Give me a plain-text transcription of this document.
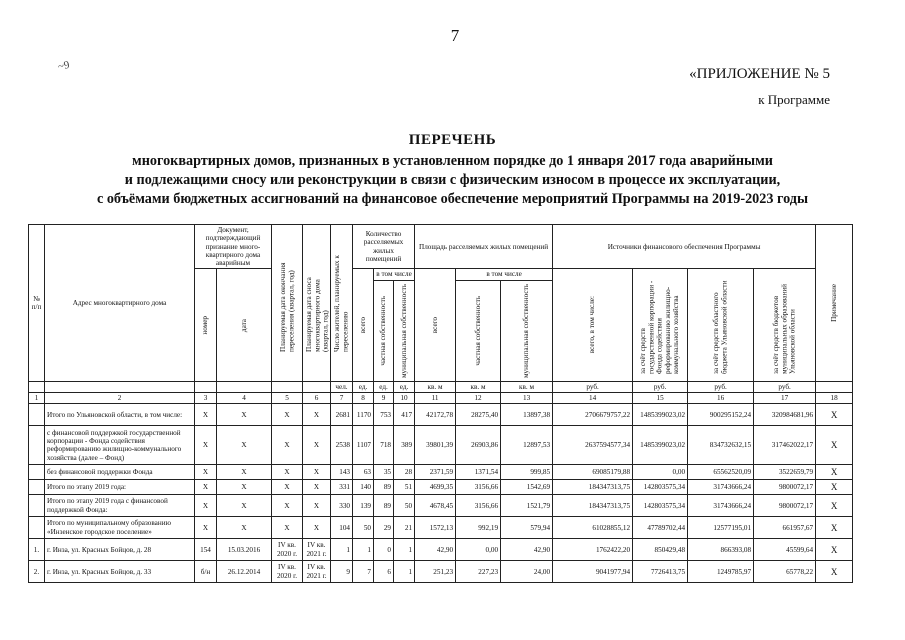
7
~9
«ПРИЛОЖЕНИЕ № 5
к Программе
ПЕРЕЧЕНЬ
многоквартирных домов, признанных в установленном порядке до 1 января 2017 года аварийными
и подлежащими сносу или реконструкции в связи с физическим износом в процессе их эксплуатации,
с объёмами бюджетных ассигнований на финансовое обеспечение мероприятий Программы на 2019-2023 годы
№ п/п	Адрес многоквартирного дома	Документ, подтверждающий признание много-квартирного дома аварийным		Планируемая дата окончания переселения (квартал, год)	Планируемая дата сноса многоквартирного дома (квартал, год)	Число жителей, планируемых к переселению	Количество расселяемых жилых помещений			Площадь расселяемых жилых помещений			Источники финансового обеспечения Программы				Примечание

		номер	дата				всего	в том числе		всего	в том числе		всего, в том числе:	за счёт средств государственной корпорации - Фонда содействия реформированию жилищно-коммунального хозяйства	за счёт средств областного бюджета Ульяновской области	за счёт средств бюджетов муниципальных образований Ульяновской области	

								частная собственность	муниципальная собственность		частная собственность	муниципальная собственность					

						чел.	ед.	ед.	ед.	кв. м	кв. м	кв. м	руб.	руб.	руб.	руб.	
1	2	3	4	5	6	7	8	9	10	11	12	13	14	15	16	17	18
	Итого по Ульяновской области, в том числе:	X	X	X	X	2681	1170	753	417	42172,78	28275,40	13897,38	2706679757,22	1485399023,02	900295152,24	320984681,96	X
	с финансовой поддержкой государственной корпорации - Фонда содействия реформированию жилищно-коммунального хозяйства (далее – Фонд)	X	X	X	X	2538	1107	718	389	39801,39	26903,86	12897,53	2637594577,34	1485399023,02	834732632,15	317462022,17	X
	без финансовой поддержки Фонда	X	X	X	X	143	63	35	28	2371,59	1371,54	999,85	69085179,88	0,00	65562520,09	3522659,79	X
	Итого по этапу 2019 года:	X	X	X	X	331	140	89	51	4699,35	3156,66	1542,69	184347313,75	142803575,34	31743666,24	9800072,17	X
	Итого по этапу 2019 года с финансовой поддержкой Фонда:	X	X	X	X	330	139	89	50	4678,45	3156,66	1521,79	184347313,75	142803575,34	31743666,24	9800072,17	X
	Итого по муниципальному образованию «Инзенское городское поселение»	X	X	X	X	104	50	29	21	1572,13	992,19	579,94	61028855,12	47789702,44	12577195,01	661957,67	X
1.	г. Инза, ул. Красных Бойцов, д. 28	154	15.03.2016	IV кв. 2020 г.	IV кв. 2021 г.	1	1	0	1	42,90	0,00	42,90	1762422,20	850429,48	866393,08	45599,64	X
2.	г. Инза, ул. Красных Бойцов, д. 33	б/н	26.12.2014	IV кв. 2020 г.	IV кв. 2021 г.	9	7	6	1	251,23	227,23	24,00	9041977,94	7726413,75	1249785,97	65778,22	X
